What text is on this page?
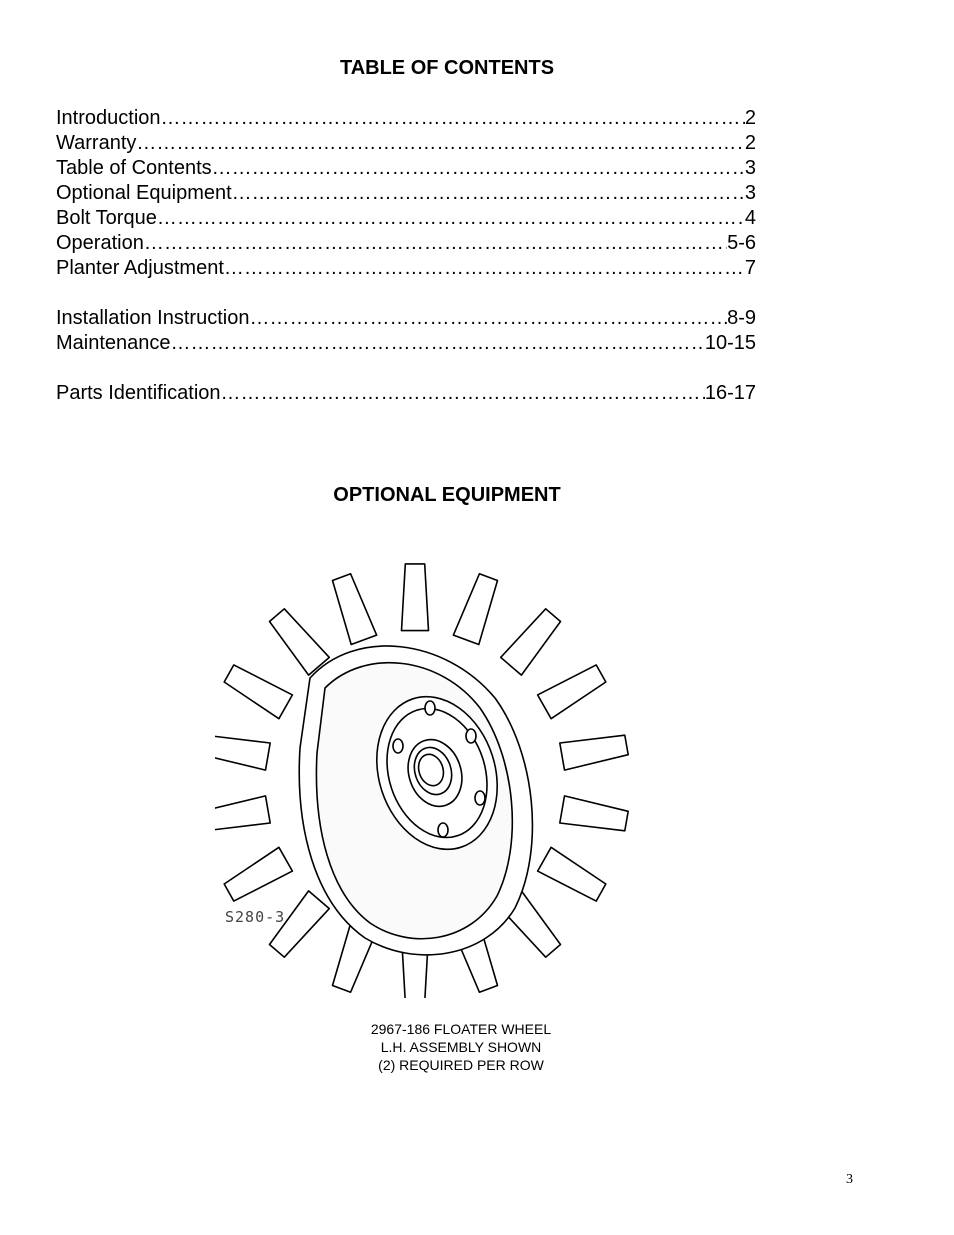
TABLE OF CONTENTS
Introduction ……………………………………………………………………………………………………………………………………………………………	2
Warranty ……………………………………………………………………………………………………………………………………………………………	2
Table of Contents ……………………………………………………………………………………………………………………………………………………………	3
Optional Equipment ……………………………………………………………………………………………………………………………………………………………	3
Bolt Torque ……………………………………………………………………………………………………………………………………………………………	4
Operation ……………………………………………………………………………………………………………………………………………………………	5-6
Planter Adjustment ……………………………………………………………………………………………………………………………………………………………	7
Installation Instruction ……………………………………………………………………………………………………………………………………………………………	8-9
Maintenance ……………………………………………………………………………………………………………………………………………………………	10-15
Parts Identification ……………………………………………………………………………………………………………………………………………………………	16-17
OPTIONAL EQUIPMENT
S280-3
2967-186 FLOATER WHEEL
L.H. ASSEMBLY SHOWN
(2) REQUIRED PER ROW
3
